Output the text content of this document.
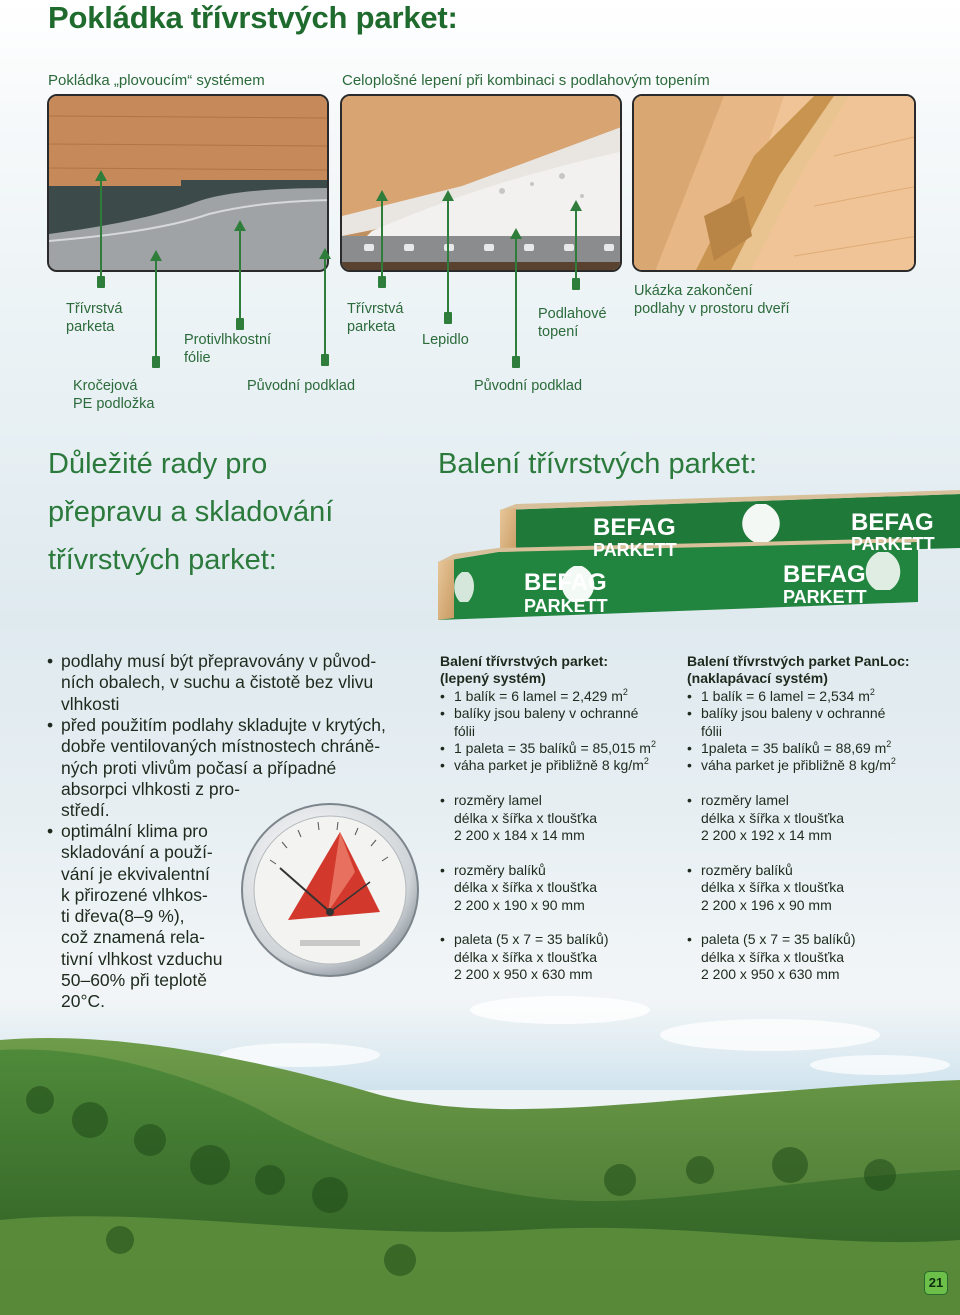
Pokládka třívrstvých parket:
Pokládka „plovoucím“ systémem	Celoplošné lepení při kombinaci s podlahovým topením
Třívrstvá
parketa
Protivlhkostní
fólie
Třívrstvá
parketa
Lepidlo
Podlahové
topení
Ukázka zakončení
podlahy v prostoru dveří
Kročejová
PE podložka
Původní podklad	Původní podklad
Důležité rady pro
přepravu a skladování
třívrstvých parket:
Balení třívrstvých parket:
BEFAG
PARKETT
BEFAG
PARKETT
BEFAG
PARKETT
BEFAG
PARKETT
• podlahy musí být přepravovány v původ-
ních obalech, v suchu a čistotě bez vlivu
vlhkosti
• před použitím podlahy skladujte v krytých,
dobře ventilovaných místnostech chráně-
ných proti vlivům počasí a případné
absorpci vlhkosti z pro-
středí.
• optimální klima pro
skladování a použí-
vání je ekvivalentní
k přirozené vlhkos-
ti dřeva(8–9 %),
což znamená rela-
tivní vlhkost vzduchu
50–60% při teplotě
20°C.
Balení třívrstvých parket:
(lepený systém)
• 1 balík = 6 lamel = 2,429 $m^2$
• balíky jsou baleny v ochranné
fólii
• 1 paleta = 35 balíků = 85,015 $m^2$
• váha parket je přibližně 8 $kg/m^2$
• rozměry lamel
délka x šířka x tloušťka
2 200 x 184 x 14 mm
• rozměry balíků
délka x šířka x tloušťka
2 200 x 190 x 90 mm
• paleta (5 x 7 = 35 balíků)
délka x šířka x tloušťka
2 200 x 950 x 630 mm
Balení třívrstvých parket PanLoc:
(naklapávací systém)
• 1 balík = 6 lamel = 2,534 $m^2$
• balíky jsou baleny v ochranné
fólii
• 1paleta = 35 balíků = 88,69 $m^2$
• váha parket je přibližně 8 $kg/m^2$
• rozměry lamel
délka x šířka x tloušťka
2 200 x 192 x 14 mm
• rozměry balíků
délka x šířka x tloušťka
2 200 x 196 x 90 mm
• paleta (5 x 7 = 35 balíků)
délka x šířka x tloušťka
2 200 x 950 x 630 mm
21
